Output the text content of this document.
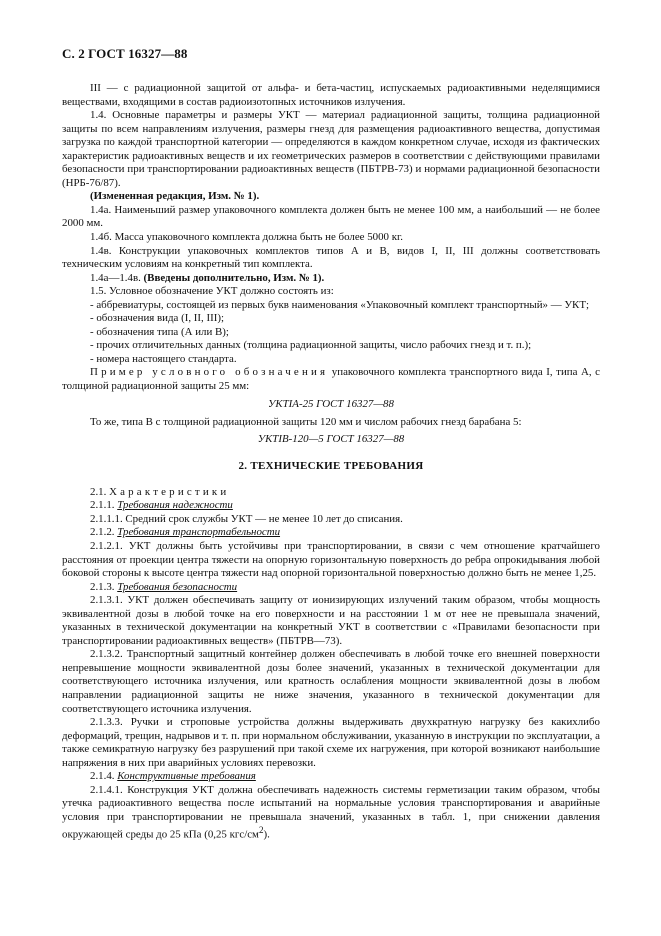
С. 2 ГОСТ 16327—88

III — с радиационной защитой от альфа- и бета-частиц, испускаемых радиоактивными неделящимися веществами, входящими в состав радиоизотопных источников излучения.

1.4. Основные параметры и размеры УКТ — материал радиационной защиты, толщина радиационной защиты по всем направлениям излучения, размеры гнезд для размещения радиоактивного вещества, допустимая загрузка по каждой транспортной категории — определяются в каждом конкретном случае, исходя из фактических характеристик радиоактивных веществ и их геометрических размеров в соответствии с действующими правилами безопасности при транспортировании радиоактивных веществ (ПБТРВ-73) и нормами радиационной безопасности (НРБ-76/87).

(Измененная редакция, Изм. № 1).

1.4а. Наименьший размер упаковочного комплекта должен быть не менее 100 мм, а наибольший — не более 2000 мм.

1.4б. Масса упаковочного комплекта должна быть не более 5000 кг.

1.4в. Конструкции упаковочных комплектов типов А и В, видов I, II, III должны соответствовать техническим условиям на конкретный тип комплекта.

1.4а—1.4в. (Введены дополнительно, Изм. № 1).

1.5. Условное обозначение УКТ должно состоять из:

- аббревиатуры, состоящей из первых букв наименования «Упаковочный комплект транспортный» — УКТ;

- обозначения вида (I, II, III);

- обозначения типа (А или В);

- прочих отличительных данных (толщина радиационной защиты, число рабочих гнезд и т. п.);

- номера настоящего стандарта.

Пример условного обозначения упаковочного комплекта транспортного вида I, типа А, с толщиной радиационной защиты 25 мм:

УКТIА-25 ГОСТ 16327—88

То же, типа В с толщиной радиационной защиты 120 мм и числом рабочих гнезд барабана 5:

УКТIВ-120—5 ГОСТ 16327—88

2. ТЕХНИЧЕСКИЕ ТРЕБОВАНИЯ

2.1. Характеристики

2.1.1. Требования надежности

2.1.1.1. Средний срок службы УКТ — не менее 10 лет до списания.

2.1.2. Требования транспортабельности

2.1.2.1. УКТ должны быть устойчивы при транспортировании, в связи с чем отношение кратчайшего расстояния от проекции центра тяжести на опорную горизонтальную поверхность до ребра опрокидывания любой боковой стороны к высоте центра тяжести над опорной горизонтальной поверхностью должно быть не менее 1,25.

2.1.3. Требования безопасности

2.1.3.1. УКТ должен обеспечивать защиту от ионизирующих излучений таким образом, чтобы мощность эквивалентной дозы в любой точке на его поверхности и на расстоянии 1 м от нее не превышала значений, указанных в технической документации на конкретный УКТ в соответствии с «Правилами безопасности при транспортировании радиоактивных веществ» (ПБТРВ—73).

2.1.3.2. Транспортный защитный контейнер должен обеспечивать в любой точке его внешней поверхности непревышение мощности эквивалентной дозы более значений, указанных в технической документации для соответствующего источника излучения, или кратность ослабления мощности эквивалентной дозы в любом направлении радиационной защиты не ниже значения, указанного в технической документации для соответствующего источника излучения.

2.1.3.3. Ручки и строповые устройства должны выдерживать двухкратную нагрузку без какихлибо деформаций, трещин, надрывов и т. п. при нормальном обслуживании, указанную в инструкции по эксплуатации, а также семикратную нагрузку без разрушений при такой схеме их нагружения, при которой возникают наибольшие напряжения в них при аварийных условиях перевозки.

2.1.4. Конструктивные требования

2.1.4.1. Конструкция УКТ должна обеспечивать надежность системы герметизации таким образом, чтобы утечка радиоактивного вещества после испытаний на нормальные условия транспортирования и аварийные условия при транспортировании не превышала значений, указанных в табл. 1, при снижении давления окружающей среды до 25 кПа (0,25 кгс/$см^2$).
